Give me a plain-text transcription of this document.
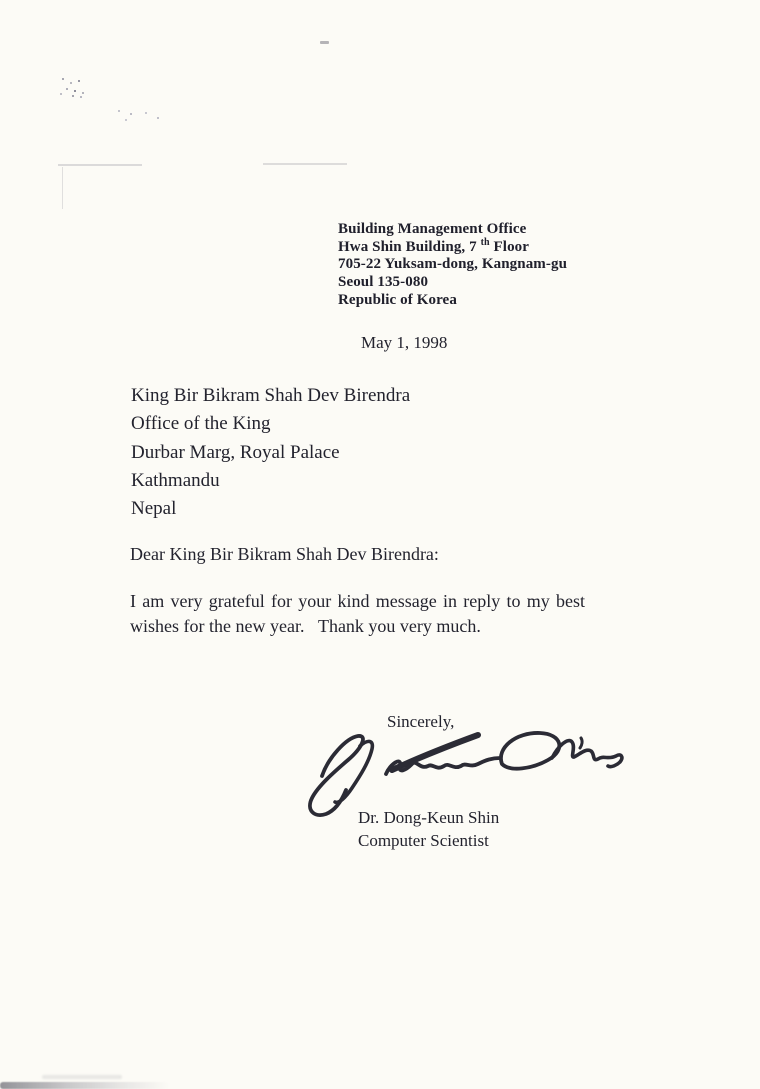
Building Management Office
Hwa Shin Building, 7 $^{th}$ Floor
705-22 Yuksam-dong, Kangnam-gu
Seoul 135-080
Republic of Korea
May 1, 1998
King Bir Bikram Shah Dev Birendra
Office of the King
Durbar Marg, Royal Palace
Kathmandu
Nepal
Dear King Bir Bikram Shah Dev Birendra:
I am very grateful for your kind message in reply to my best
wishes for the new year.   Thank you very much.
Sincerely,
Dr. Dong-Keun Shin
Computer Scientist
